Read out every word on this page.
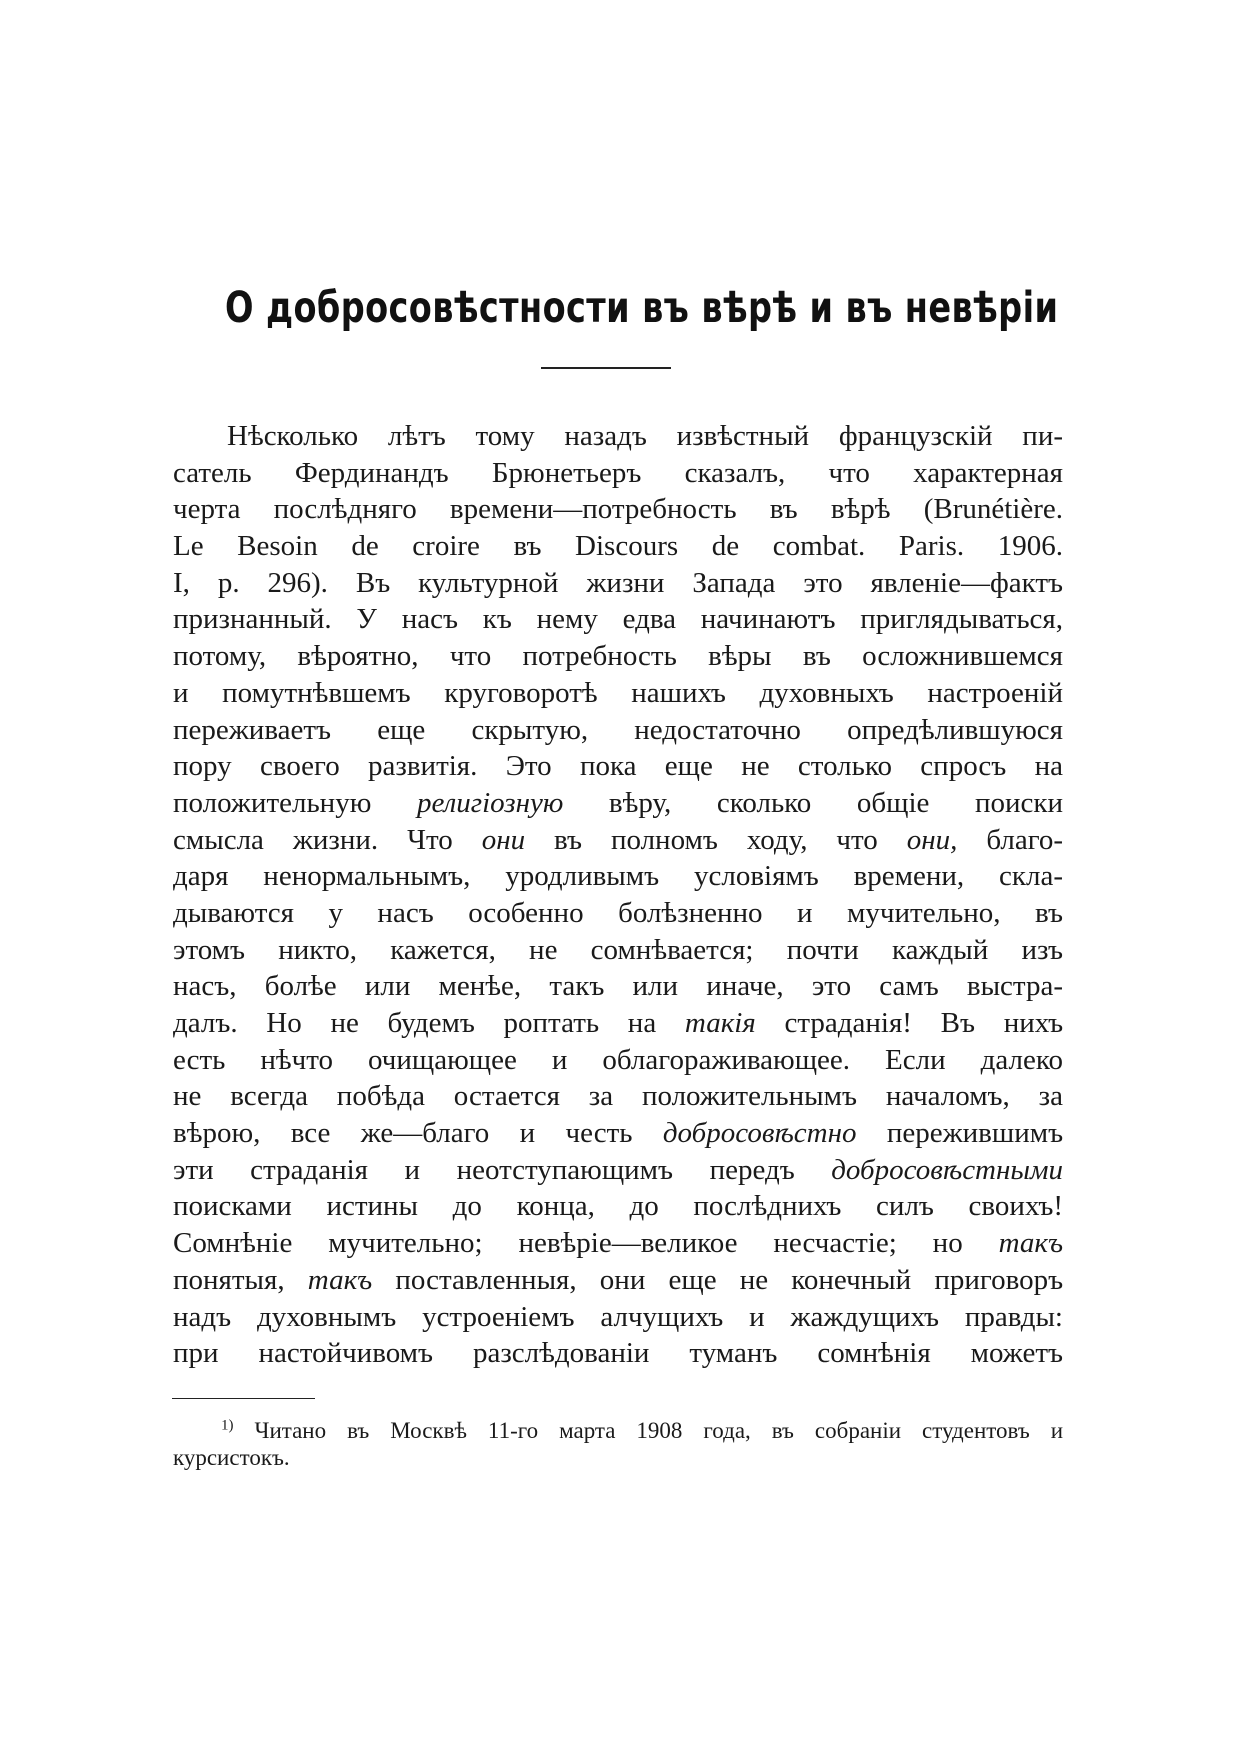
О добросовѣстности въ вѣрѣ и въ невѣріи
Нѣсколько лѣтъ тому назадъ извѣстный французскій пи-
сатель Фердинандъ Брюнетьеръ сказалъ, что характерная
черта послѣдняго времени—потребность въ вѣрѣ (Brunétière.
Le Besoin de croire въ Discours de combat. Paris. 1906.
I, p. 296). Въ культурной жизни Запада это явленіе—фактъ
признанный. У насъ къ нему едва начинаютъ приглядываться,
потому, вѣроятно, что потребность вѣры въ осложнившемся
и помутнѣвшемъ круговоротѣ нашихъ духовныхъ настроеній
переживаетъ еще скрытую, недостаточно опредѣлившуюся
пору своего развитія. Это пока еще не столько спросъ на
положительную религіозную вѣру, сколько общіе поиски
смысла жизни. Что они въ полномъ ходу, что они, благо-
даря ненормальнымъ, уродливымъ условіямъ времени, скла-
дываются у насъ особенно болѣзненно и мучительно, въ
этомъ никто, кажется, не сомнѣвается; почти каждый изъ
насъ, болѣе или менѣе, такъ или иначе, это самъ выстра-
далъ. Но не будемъ роптать на такія страданія! Въ нихъ
есть нѣчто очищающее и облагораживающее. Если далеко
не всегда побѣда остается за положительнымъ началомъ, за
вѣрою, все же—благо и честь добросовѣстно пережившимъ
эти страданія и неотступающимъ передъ добросовѣстными
поисками истины до конца, до послѣднихъ силъ своихъ!
Сомнѣніе мучительно; невѣріе—великое несчастіе; но такъ
понятыя, такъ поставленныя, они еще не конечный приговоръ
надъ духовнымъ устроеніемъ алчущихъ и жаждущихъ правды:
при настойчивомъ разслѣдованіи туманъ сомнѣнія можетъ
$^{1)}$ Читано въ Москвѣ 11-го марта 1908 года, въ собраніи студентовъ и
курсистокъ.
